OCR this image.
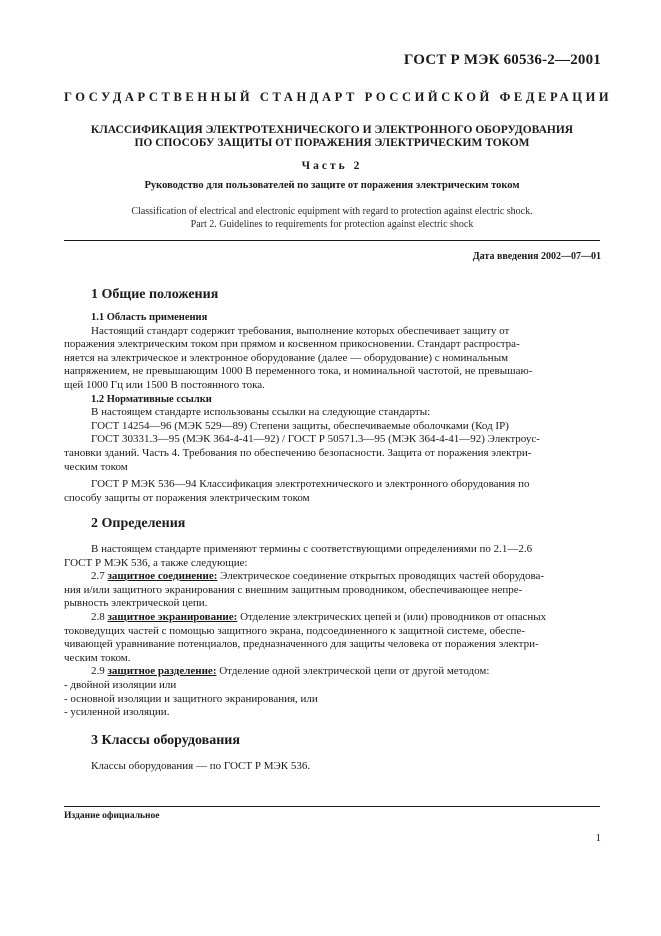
ГОСТ Р МЭК 60536-2—2001
ГОСУДАРСТВЕННЫЙ СТАНДАРТ РОССИЙСКОЙ ФЕДЕРАЦИИ
КЛАССИФИКАЦИЯ ЭЛЕКТРОТЕХНИЧЕСКОГО И ЭЛЕКТРОННОГО ОБОРУДОВАНИЯ
ПО СПОСОБУ ЗАЩИТЫ ОТ ПОРАЖЕНИЯ ЭЛЕКТРИЧЕСКИМ ТОКОМ
Часть 2
Руководство для пользователей по защите от поражения электрическим током
Classification of electrical and electronic equipment with regard to protection against electric shock.
Part 2. Guidelines to requirements for protection against electric shock
Дата введения 2002—07—01
1 Общие положения
1.1 Область применения
Настоящий стандарт содержит требования, выполнение которых обеспечивает защиту от
поражения электрическим током при прямом и косвенном прикосновении. Стандарт распростра-
няется на электрическое и электронное оборудование (далее — оборудование) с номинальным
напряжением, не превышающим 1000 В переменного тока, и номинальной частотой, не превышаю-
щей 1000 Гц или 1500 В постоянного тока.
1.2 Нормативные ссылки
В настоящем стандарте использованы ссылки на следующие стандарты:
ГОСТ 14254—96 (МЭК 529—89) Степени защиты, обеспечиваемые оболочками (Код IP)
ГОСТ 30331.3—95 (МЭК 364-4-41—92) / ГОСТ Р 50571.3—95 (МЭК 364-4-41—92) Электроус-
тановки зданий. Часть 4. Требования по обеспечению безопасности. Защита от поражения электри-
ческим током
ГОСТ Р МЭК 536—94 Классификация электротехнического и электронного оборудования по
способу защиты от поражения электрическим током
2 Определения
В настоящем стандарте применяют термины с соответствующими определениями по 2.1—2.6
ГОСТ Р МЭК 536, а также следующие:
2.7 защитное соединение: Электрическое соединение открытых проводящих частей оборудова-
ния и/или защитного экранирования с внешним защитным проводником, обеспечивающее непре-
рывность электрической цепи.
2.8 защитное экранирование: Отделение электрических цепей и (или) проводников от опасных
токоведущих частей с помощью защитного экрана, подсоединенного к защитной системе, обеспе-
чивающей уравнивание потенциалов, предназначенного для защиты человека от поражения электри-
ческим током.
2.9 защитное разделение: Отделение одной электрической цепи от другой методом:
- двойной изоляции или
- основной изоляции и защитного экранирования, или
- усиленной изоляции.
3 Классы оборудования
Классы оборудования — по ГОСТ Р МЭК 536.
Издание официальное
1
